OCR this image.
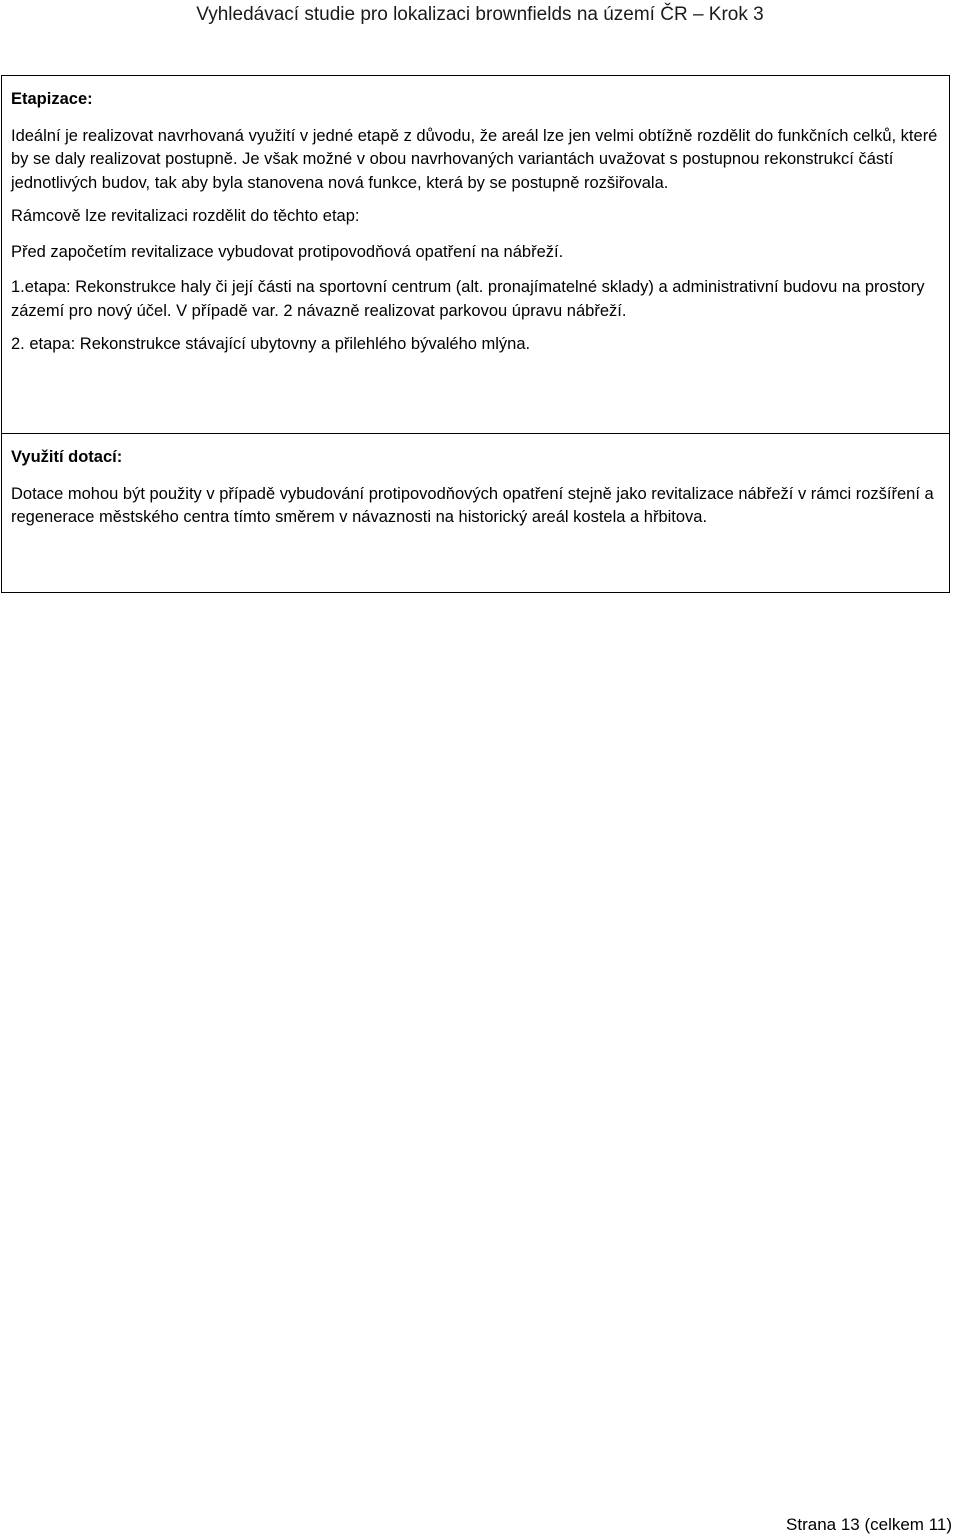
Vyhledávací studie pro lokalizaci brownfields na území ČR – Krok 3
Etapizace:
Ideální je realizovat navrhovaná využití v jedné etapě z důvodu, že areál lze jen velmi obtížně rozdělit do funkčních celků, které by se daly realizovat postupně. Je však možné v obou navrhovaných variantách uvažovat s postupnou rekonstrukcí částí jednotlivých budov, tak aby byla stanovena nová funkce, která by se postupně rozšiřovala.
Rámcově lze revitalizaci rozdělit do těchto etap:
Před započetím revitalizace vybudovat protipovodňová opatření na nábřeží.
1.etapa: Rekonstrukce haly či její části na sportovní centrum (alt. pronajímatelné sklady) a administrativní budovu na prostory zázemí pro nový účel. V případě var. 2 návazně realizovat parkovou úpravu nábřeží.
2. etapa: Rekonstrukce stávající ubytovny a přilehlého bývalého mlýna.
Využití dotací:
Dotace mohou být použity v případě vybudování protipovodňových opatření stejně jako revitalizace nábřeží v rámci rozšíření a regenerace městského centra tímto směrem v návaznosti na historický areál kostela a hřbitova.
Strana 13 (celkem 11)
